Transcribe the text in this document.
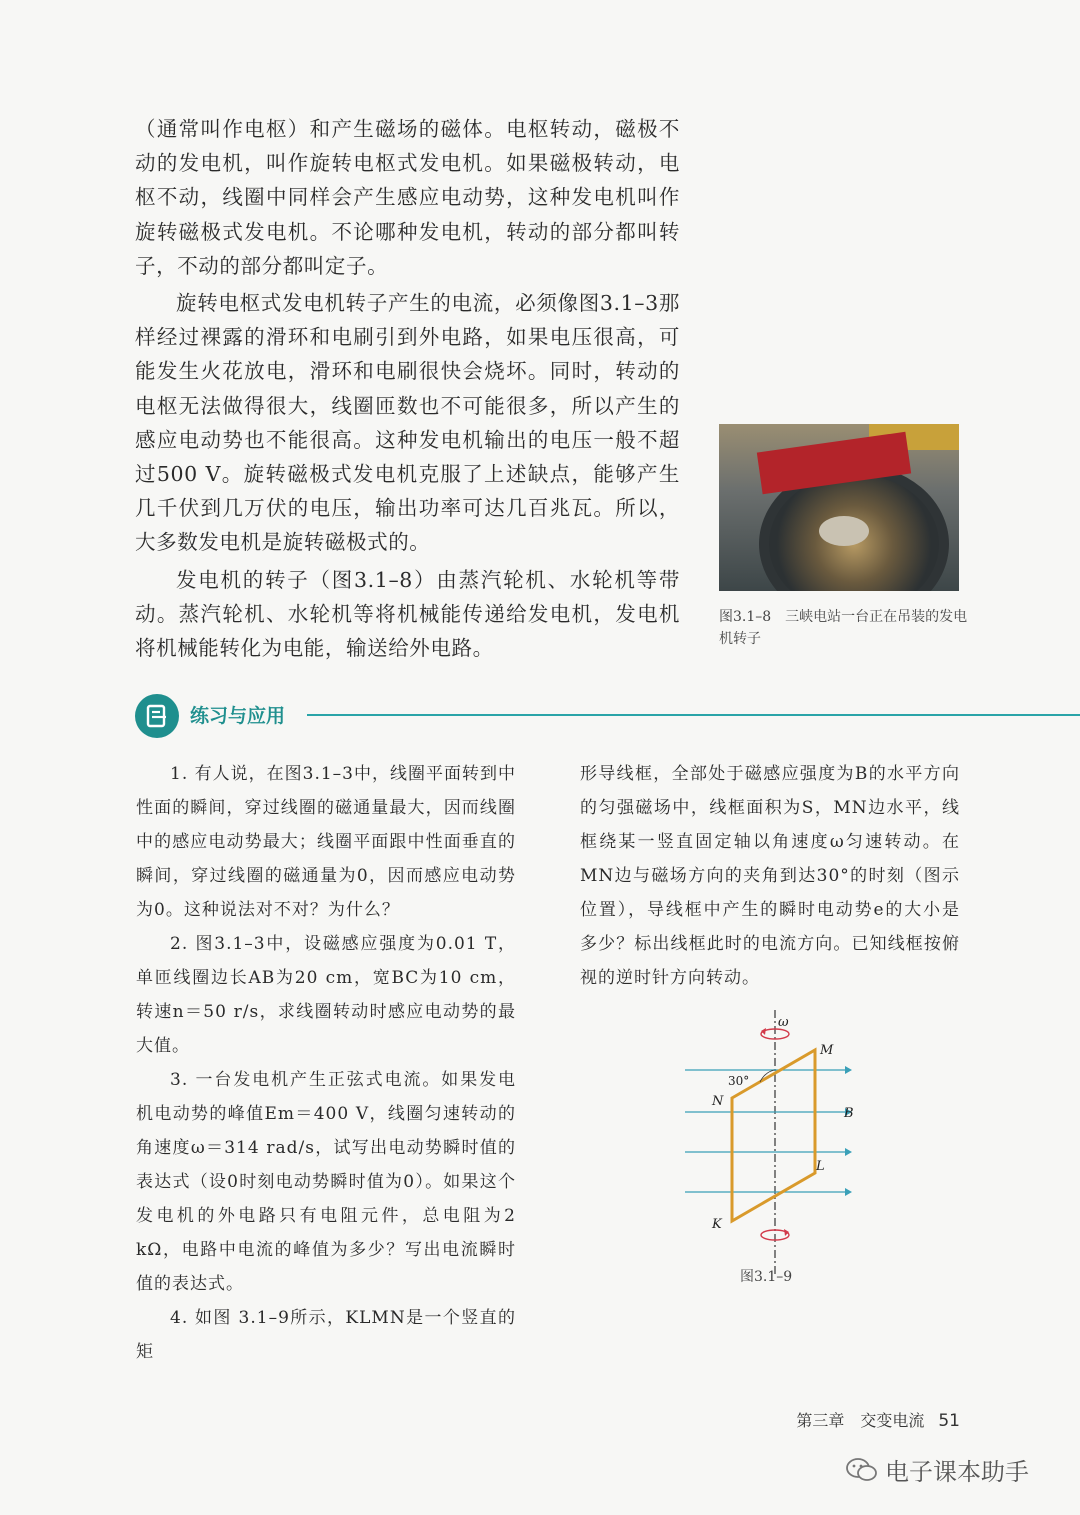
（通常叫作电枢）和产生磁场的磁体。电枢转动，磁极不动的发电机，叫作旋转电枢式发电机。如果磁极转动，电枢不动，线圈中同样会产生感应电动势，这种发电机叫作旋转磁极式发电机。不论哪种发电机，转动的部分都叫转子，不动的部分都叫定子。

旋转电枢式发电机转子产生的电流，必须像图3.1–3那样经过裸露的滑环和电刷引到外电路，如果电压很高，可能发生火花放电，滑环和电刷很快会烧坏。同时，转动的电枢无法做得很大，线圈匝数也不可能很多，所以产生的感应电动势也不能很高。这种发电机输出的电压一般不超过500 V。旋转磁极式发电机克服了上述缺点，能够产生几千伏到几万伏的电压，输出功率可达几百兆瓦。所以，大多数发电机是旋转磁极式的。

发电机的转子（图3.1–8）由蒸汽轮机、水轮机等带动。蒸汽轮机、水轮机等将机械能传递给发电机，发电机将机械能转化为电能，输送给外电路。

图3.1–8　三峡电站一台正在吊装的发电机转子
练习与应用

1. 有人说，在图3.1–3中，线圈平面转到中性面的瞬间，穿过线圈的磁通量最大，因而线圈中的感应电动势最大；线圈平面跟中性面垂直的瞬间，穿过线圈的磁通量为0，因而感应电动势为0。这种说法对不对？为什么？

2. 图3.1–3中，设磁感应强度为0.01 T，单匝线圈边长AB为20 cm，宽BC为10 cm，转速n＝50 r/s，求线圈转动时感应电动势的最大值。

3. 一台发电机产生正弦式电流。如果发电机电动势的峰值Em＝400 V，线圈匀速转动的角速度ω＝314 rad/s，试写出电动势瞬时值的表达式（设0时刻电动势瞬时值为0）。如果这个发电机的外电路只有电阻元件，总电阻为2 kΩ，电路中电流的峰值为多少？写出电流瞬时值的表达式。

4. 如图 3.1–9所示，KLMN是一个竖直的矩

形导线框，全部处于磁感应强度为B的水平方向的匀强磁场中，线框面积为S，MN边水平，线框绕某一竖直固定轴以角速度ω匀速转动。在MN边与磁场方向的夹角到达30°的时刻（图示位置），导线框中产生的瞬时电动势e的大小是多少？标出线框此时的电流方向。已知线框按俯视的逆时针方向转动。

ω
M
N
30°
B
L
K
图3.1–9
第三章　交变电流 51
电子课本助手
